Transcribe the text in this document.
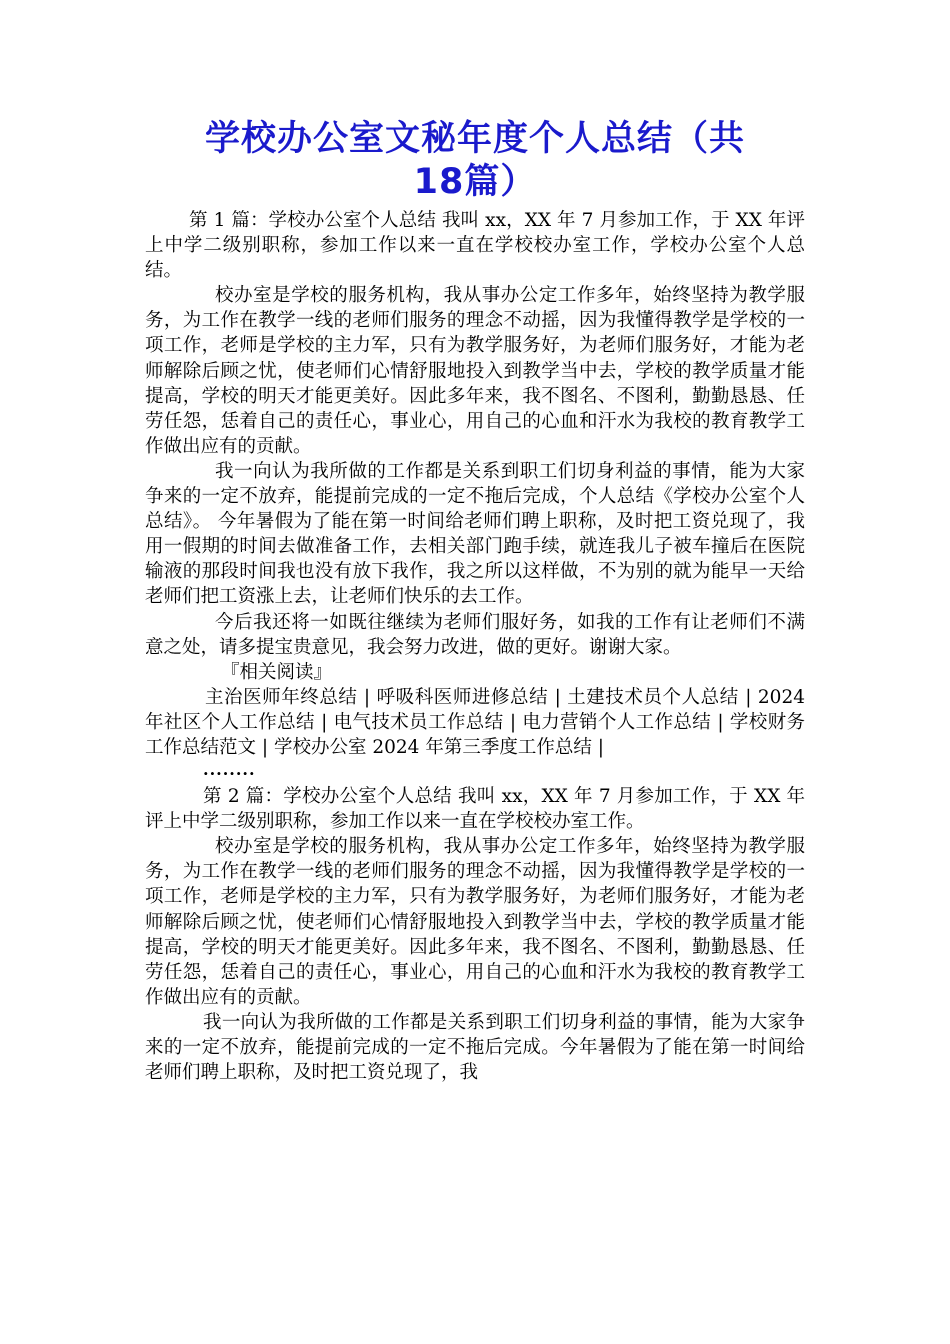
学校办公室文秘年度个人总结（共
18篇）

第 1 篇：学校办公室个人总结 我叫 xx，XX 年 7 月参加工作，于 XX 年评上中学二级别职称，参加工作以来一直在学校校办室工作，学校办公室个人总结。

校办室是学校的服务机构，我从事办公定工作多年，始终坚持为教学服务，为工作在教学一线的老师们服务的理念不动摇，因为我懂得教学是学校的一项工作，老师是学校的主力军，只有为教学服务好，为老师们服务好，才能为老师解除后顾之忧，使老师们心情舒服地投入到教学当中去，学校的教学质量才能提高，学校的明天才能更美好。因此多年来，我不图名、不图利，勤勤恳恳、任劳任怨，恁着自己的责任心，事业心，用自己的心血和汗水为我校的教育教学工作做出应有的贡献。

我一向认为我所做的工作都是关系到职工们切身利益的事情，能为大家争来的一定不放弃，能提前完成的一定不拖后完成，个人总结《学校办公室个人总结》。 今年暑假为了能在第一时间给老师们聘上职称，及时把工资兑现了，我用一假期的时间去做准备工作，去相关部门跑手续，就连我儿子被车撞后在医院输液的那段时间我也没有放下我作，我之所以这样做，不为别的就为能早一天给老师们把工资涨上去，让老师们快乐的去工作。

今后我还将一如既往继续为老师们服好务，如我的工作有让老师们不满意之处，请多提宝贵意见，我会努力改进，做的更好。谢谢大家。

『相关阅读』

主治医师年终总结 | 呼吸科医师进修总结 | 土建技术员个人总结 | 2024 年社区个人工作总结 | 电气技术员工作总结 | 电力营销个人工作总结 | 学校财务工作总结范文 | 学校办公室 2024 年第三季度工作总结 |

........

第 2 篇：学校办公室个人总结 我叫 xx，XX 年 7 月参加工作，于 XX 年评上中学二级别职称，参加工作以来一直在学校校办室工作。

校办室是学校的服务机构，我从事办公定工作多年，始终坚持为教学服务，为工作在教学一线的老师们服务的理念不动摇，因为我懂得教学是学校的一项工作，老师是学校的主力军，只有为教学服务好，为老师们服务好，才能为老师解除后顾之忧，使老师们心情舒服地投入到教学当中去，学校的教学质量才能提高，学校的明天才能更美好。因此多年来，我不图名、不图利，勤勤恳恳、任劳任怨，恁着自己的责任心，事业心，用自己的心血和汗水为我校的教育教学工作做出应有的贡献。

我一向认为我所做的工作都是关系到职工们切身利益的事情，能为大家争来的一定不放弃，能提前完成的一定不拖后完成。今年暑假为了能在第一时间给老师们聘上职称，及时把工资兑现了，我
